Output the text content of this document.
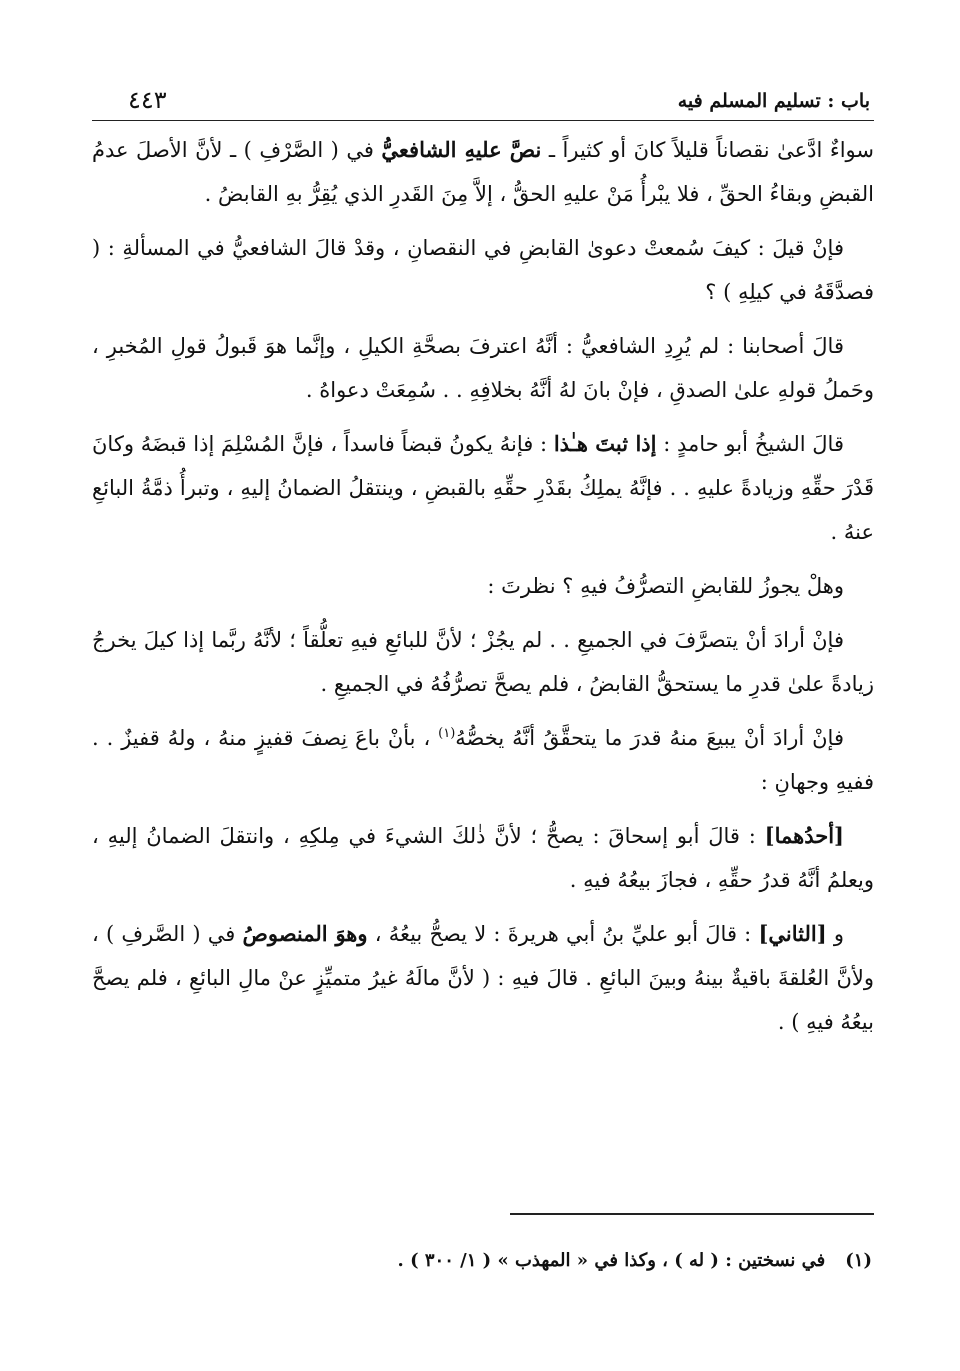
باب : تسليم المسلم فيه
٤٤٣

سواءٌ ادَّعىٰ نقصاناً قليلاً كانَ أو كثيراً ـ نصَّ عليهِ الشافعيُّ في ( الصَّرْفِ ) ـ لأنَّ الأصلَ عدمُ القبضِ وبقاءُ الحقِّ ، فلا يبْرأُ مَنْ عليهِ الحقُّ ، إلاَّ مِنَ القَدرِ الذي يُقِرُّ بهِ القابضُ .

فإنْ قيلَ : كيفَ سُمعتْ دعوىٰ القابضِ في النقصانِ ، وقدْ قالَ الشافعيُّ في المسألةِ : ( فصدَّقَهُ في كيلِهِ ) ؟

قالَ أصحابنا : لم يُرِدِ الشافعيُّ : أنَّهُ اعترفَ بصحَّةِ الكيلِ ، وإنَّما هوَ قَبولُ قولِ المُخبرِ ، وحَملُ قولهِ علىٰ الصدقِ ، فإنْ بانَ لهُ أنَّهُ بخلافِهِ . . سُمِعَتْ دعواهُ .

قالَ الشيخُ أبو حامدٍ : إذا ثبتَ هـٰذا : فإنهُ يكونُ قبضاً فاسداً ، فإنَّ المُسْلِمَ إذا قبضَهُ وكانَ قَدْرَ حقِّهِ وزيادةً عليهِ . . فإنَّهُ يملِكُ بقَدْرِ حقِّهِ بالقبضِ ، وينتقلُ الضمانُ إليهِ ، وتبرأُ ذمَّةُ البائعِ عنهُ .

وهلْ يجوزُ للقابضِ التصرُّفُ فيهِ ؟ نظرتَ :

فإنْ أرادَ أنْ يتصرَّفَ في الجميعِ . . لم يجُزْ ؛ لأنَّ للبائعِ فيهِ تعلُّقاً ؛ لأنَّهُ ربَّما إذا كيلَ يخرجُ زيادةً علىٰ قدرِ ما يستحقُّ القابضُ ، فلم يصحَّ تصرُّفُهُ في الجميعِ .

فإنْ أرادَ أنْ يبيعَ منهُ قدرَ ما يتحقَّقُ أنَّهُ يخصُّهُ$^{(١)}$ ، بأنْ باعَ نِصفَ قفيزٍ منهُ ، ولهُ قفيزٌ . . ففيهِ وجهانِ :

[أحدُهما] : قالَ أبو إسحاقَ : يصحُّ ؛ لأنَّ ذٰلكَ الشيءَ في مِلكِهِ ، وانتقلَ الضمانُ إليهِ ، ويعلمُ أنَّهُ قدرُ حقِّهِ ، فجازَ بيعُهُ فيهِ .

و [الثاني] : قالَ أبو عليِّ بنُ أبي هريرةَ : لا يصحُّ بيعُهُ ، وهوَ المنصوصُ في ( الصَّرفِ ) ، ولأنَّ العُلقةَ باقيةٌ بينهُ وبينَ البائعِ . قالَ فيهِ : ( لأنَّ مالَهُ غيرُ متميِّزٍ عنْ مالِ البائعِ ، فلم يصحَّ بيعُهُ فيهِ ) .

(١)في نسختين : ( له ) ، وكذا في « المهذب » ( ١/ ٣٠٠ ) .
